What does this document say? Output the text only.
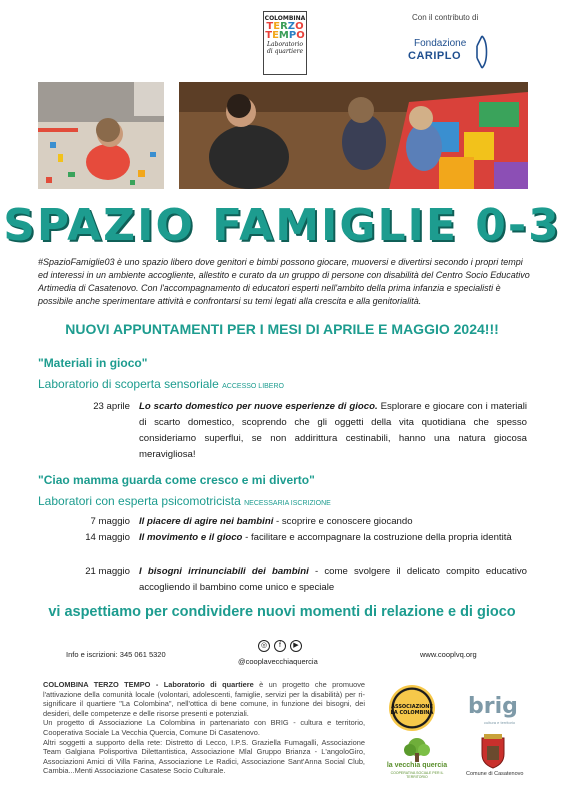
COLOMBINA
TERZO
TEMPO
Laboratorio
di quartiere
Con il contributo di
Fondazione
CARIPLO
SPAZIO FAMIGLIE 0-3
#SpazioFamiglie03 è uno spazio libero dove genitori e bimbi possono giocare, muoversi e divertirsi secondo i propri tempi ed interessi in un ambiente accogliente, allestito e curato da un gruppo di persone con disabilità del Centro Socio Educativo Artimedia di Casatenovo. Con l'accompagnamento di educatori esperti nell'ambito della prima infanzia e specialisti è possibile anche sperimentare attività e confrontarsi su temi legati alla crescita e alla genitorialità.
NUOVI APPUNTAMENTI PER I MESI DI APRILE E MAGGIO 2024!!!
"Materiali in gioco"
Laboratorio di scoperta sensoriale ACCESSO LIBERO
23 aprile Lo scarto domestico per nuove esperienze di gioco. Esplorare e giocare con i materiali di scarto domestico, scoprendo che gli oggetti della vita quotidiana che spesso consideriamo superflui, se non addirittura cestinabili, hanno una natura giocosa meravigliosa!
"Ciao mamma guarda come cresco e mi diverto"
Laboratori con esperta psicomotricista NECESSARIA ISCRIZIONE
7 maggio Il piacere di agire nei bambini - scoprire e conoscere giocando
14 maggio Il movimento e il gioco - facilitare e accompagnare la costruzione della propria identità
21 maggio I bisogni irrinunciabili dei bambini - come svolgere il delicato compito educativo accogliendo il bambino come unico e speciale
vi aspettiamo per condividere nuovi momenti di relazione e di gioco
Info e iscrizioni: 345 061 5320
◎	f	▶
@cooplavecchiaquercia
www.cooplvq.org
COLOMBINA TERZO TEMPO - Laboratorio di quartiere è un progetto che promuove l'attivazione della comunità locale (volontari, adolescenti, famiglie, servizi per la disabilità) per ri-significare il quartiere "La Colombina", nell'ottica di bene comune, in funzione dei bisogni, dei desideri, delle competenze e delle risorse presenti e potenziali.
Un progetto di Associazione La Colombina in partenariato con BRIG - cultura e territorio, Cooperativa Sociale La Vecchia Quercia, Comune Di Casatenovo.
Altri soggetti a supporto della rete: Distretto di Lecco, I.P.S. Graziella Fumagalli, Associazione Team Galgiana Polisportiva Dilettantistica, Associazione Mlal Gruppo Brianza - L'angoloGiro, Associazioni Amici di Villa Farina, Associazione Le Radici, Associazione Sant'Anna Social Club, Cambia...Menti Associazione Casatese Socio Culturale.
ASSOCIAZIONE LA COLOMBINA brig
cultura e territorio
la vecchia quercia
COOPERATIVA SOCIALE PER IL TERRITORIO	Comune di Casatenovo
